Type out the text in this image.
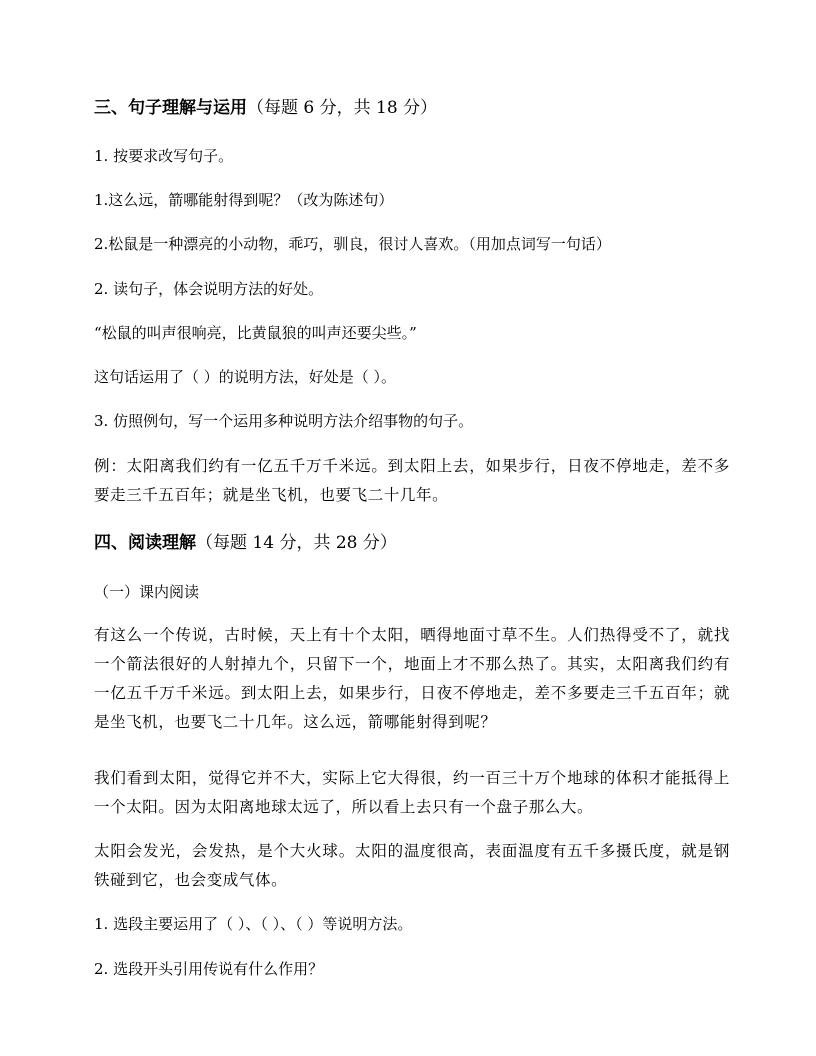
三、句子理解与运用（每题 6 分，共 18 分）
1. 按要求改写句子。
1.这么远，箭哪能射得到呢？（改为陈述句）
2.松鼠是一种漂亮的小动物，乖巧，驯良，很讨人喜欢。（用加点词写一句话）
2. 读句子，体会说明方法的好处。
“松鼠的叫声很响亮，比黄鼠狼的叫声还要尖些。”
这句话运用了（ ）的说明方法，好处是（ ）。
3. 仿照例句，写一个运用多种说明方法介绍事物的句子。
例：太阳离我们约有一亿五千万千米远。到太阳上去，如果步行，日夜不停地走，差不多要走三千五百年；就是坐飞机，也要飞二十几年。
四、阅读理解（每题 14 分，共 28 分）
（一）课内阅读
有这么一个传说，古时候，天上有十个太阳，晒得地面寸草不生。人们热得受不了，就找一个箭法很好的人射掉九个，只留下一个，地面上才不那么热了。其实，太阳离我们约有一亿五千万千米远。到太阳上去，如果步行，日夜不停地走，差不多要走三千五百年；就是坐飞机，也要飞二十几年。这么远，箭哪能射得到呢？
我们看到太阳，觉得它并不大，实际上它大得很，约一百三十万个地球的体积才能抵得上一个太阳。因为太阳离地球太远了，所以看上去只有一个盘子那么大。
太阳会发光，会发热，是个大火球。太阳的温度很高，表面温度有五千多摄氏度，就是钢铁碰到它，也会变成气体。
1. 选段主要运用了（ ）、（ ）、（ ）等说明方法。
2. 选段开头引用传说有什么作用？
